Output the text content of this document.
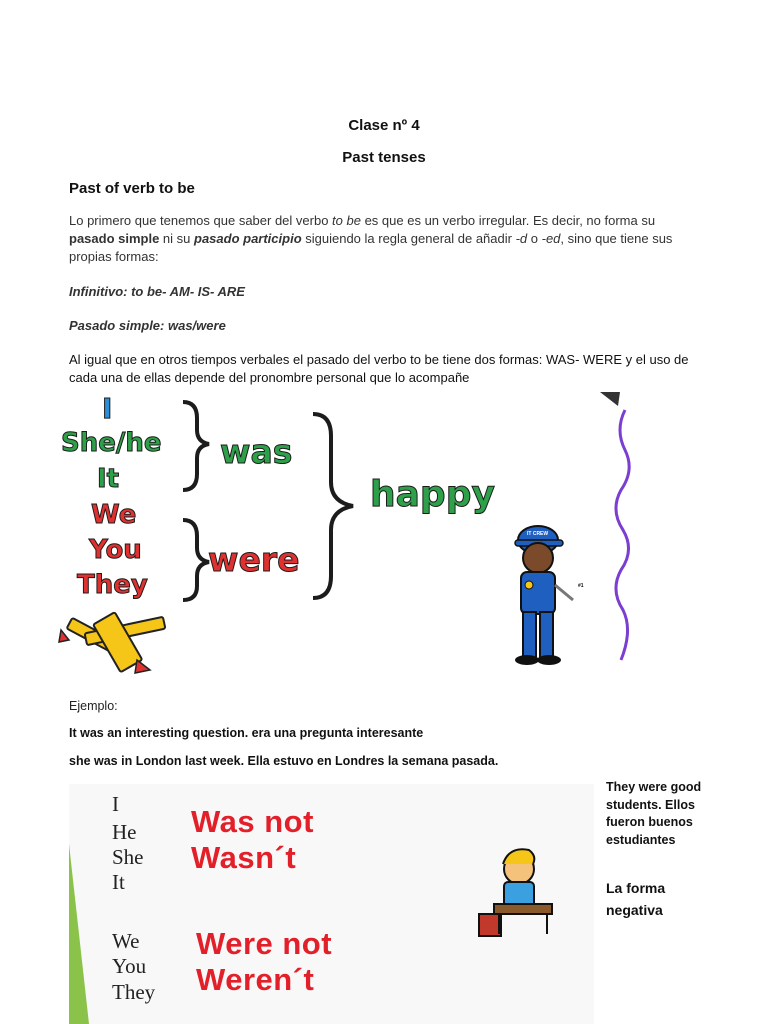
Clase nº 4
Past tenses
Past of verb to be
Lo primero que tenemos que saber del verbo to be es que es un verbo irregular. Es decir, no forma su pasado simple ni su pasado participio siguiendo la regla general de añadir -d o -ed, sino que tiene sus propias formas:
Infinitivo: to be- AM- IS- ARE
Pasado simple: was/were
Al igual que en otros tiempos verbales el pasado del verbo to be tiene dos formas: WAS- WERE y el uso de cada una de ellas depende del pronombre personal que lo acompañe
I
She/he
It
We
You
They
was
were
happy
IT CREW
#1
Ejemplo:
It was an interesting question. era una pregunta interesante
she was in London last week. Ella estuvo en Londres la semana pasada.
I
He
She
It
We
You
They
Was not
Wasn´t
Were not
Weren´t
They were good students. Ellos fueron buenos estudiantes
La forma negativa
